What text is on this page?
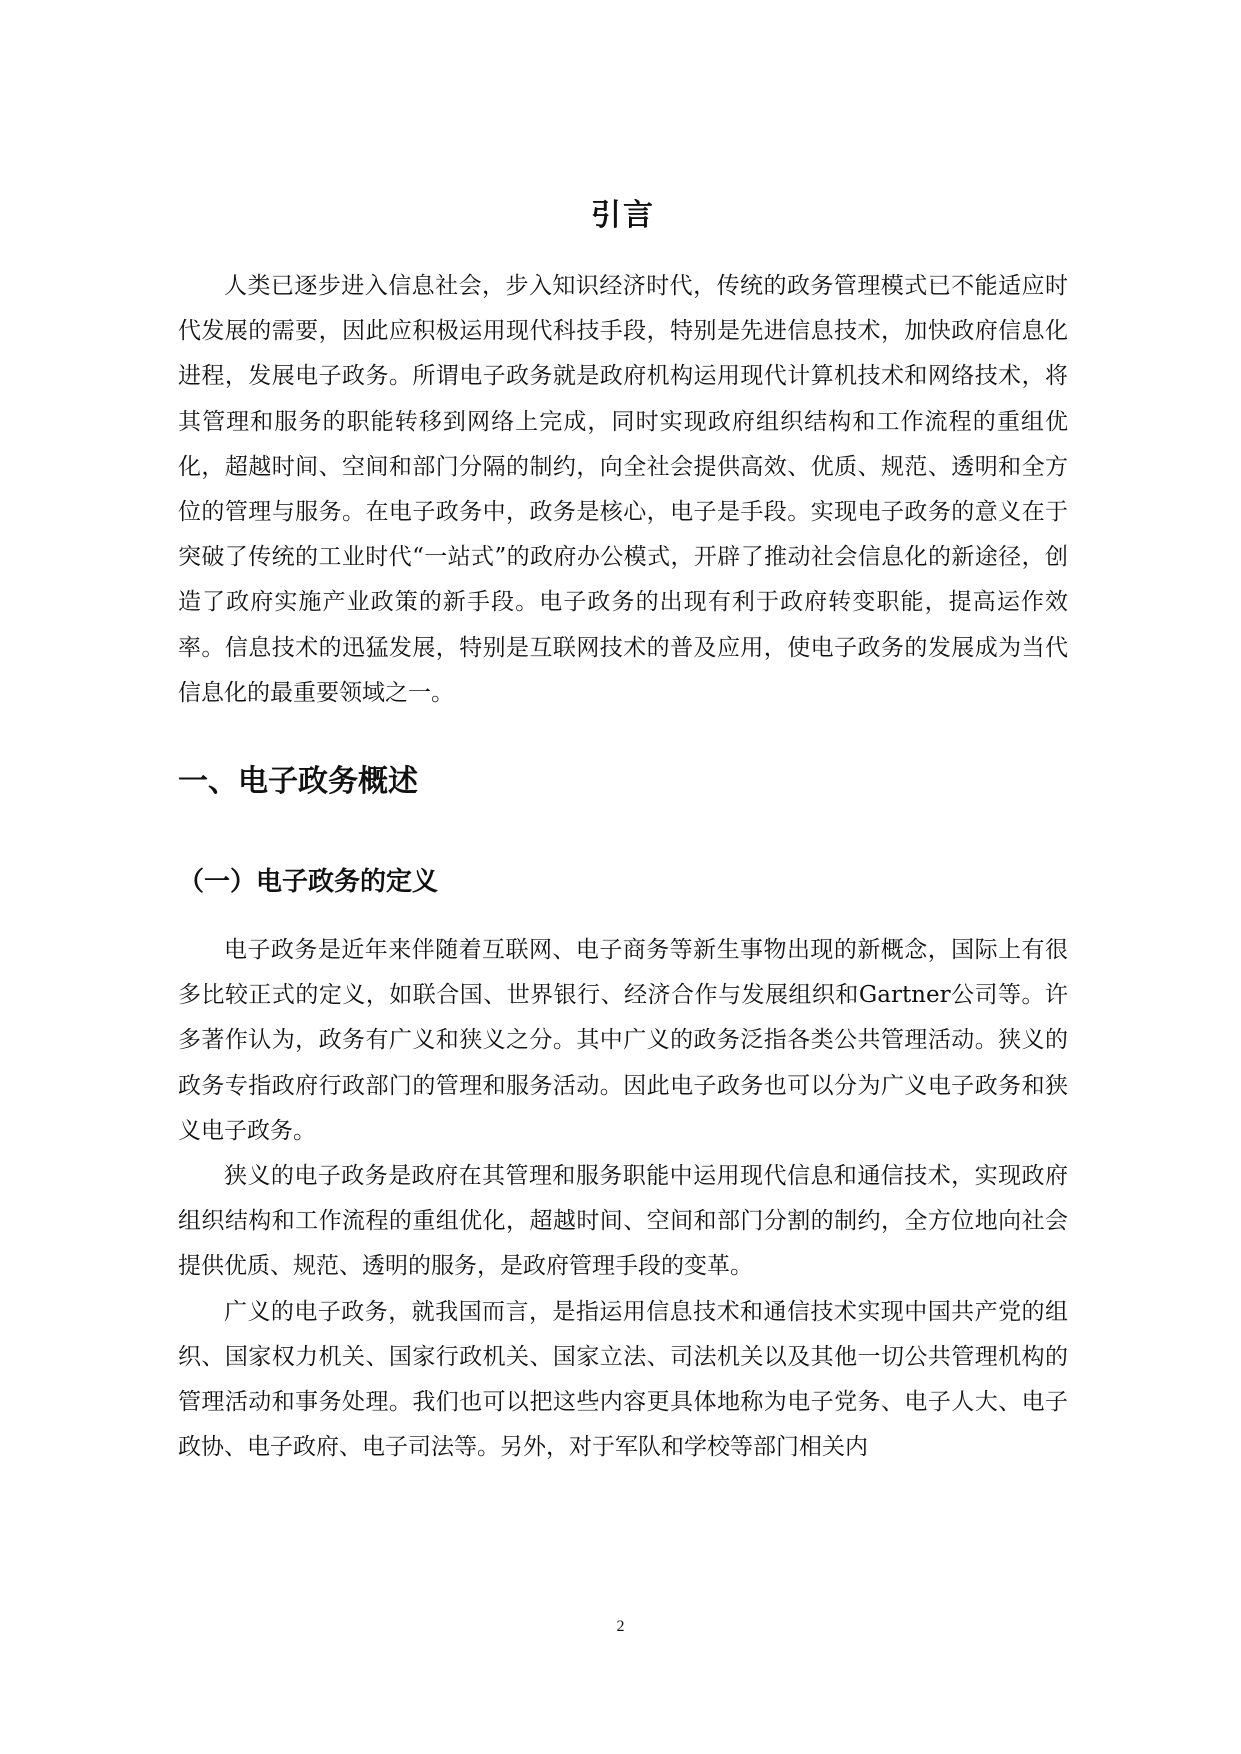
引言

人类已逐步进入信息社会，步入知识经济时代，传统的政务管理模式已不能适应时代发展的需要，因此应积极运用现代科技手段，特别是先进信息技术，加快政府信息化进程，发展电子政务。所谓电子政务就是政府机构运用现代计算机技术和网络技术，将其管理和服务的职能转移到网络上完成，同时实现政府组织结构和工作流程的重组优化，超越时间、空间和部门分隔的制约，向全社会提供高效、优质、规范、透明和全方位的管理与服务。在电子政务中，政务是核心，电子是手段。实现电子政务的意义在于突破了传统的工业时代“一站式”的政府办公模式，开辟了推动社会信息化的新途径，创造了政府实施产业政策的新手段。电子政务的出现有利于政府转变职能，提高运作效率。信息技术的迅猛发展，特别是互联网技术的普及应用，使电子政务的发展成为当代信息化的最重要领域之一。

一、电子政务概述
（一）电子政务的定义

电子政务是近年来伴随着互联网、电子商务等新生事物出现的新概念，国际上有很多比较正式的定义，如联合国、世界银行、经济合作与发展组织和Gartner公司等。许多著作认为，政务有广义和狭义之分。其中广义的政务泛指各类公共管理活动。狭义的政务专指政府行政部门的管理和服务活动。因此电子政务也可以分为广义电子政务和狭义电子政务。

狭义的电子政务是政府在其管理和服务职能中运用现代信息和通信技术，实现政府组织结构和工作流程的重组优化，超越时间、空间和部门分割的制约，全方位地向社会提供优质、规范、透明的服务，是政府管理手段的变革。

广义的电子政务，就我国而言，是指运用信息技术和通信技术实现中国共产党的组织、国家权力机关、国家行政机关、国家立法、司法机关以及其他一切公共管理机构的管理活动和事务处理。我们也可以把这些内容更具体地称为电子党务、电子人大、电子政协、电子政府、电子司法等。另外，对于军队和学校等部门相关内

2
